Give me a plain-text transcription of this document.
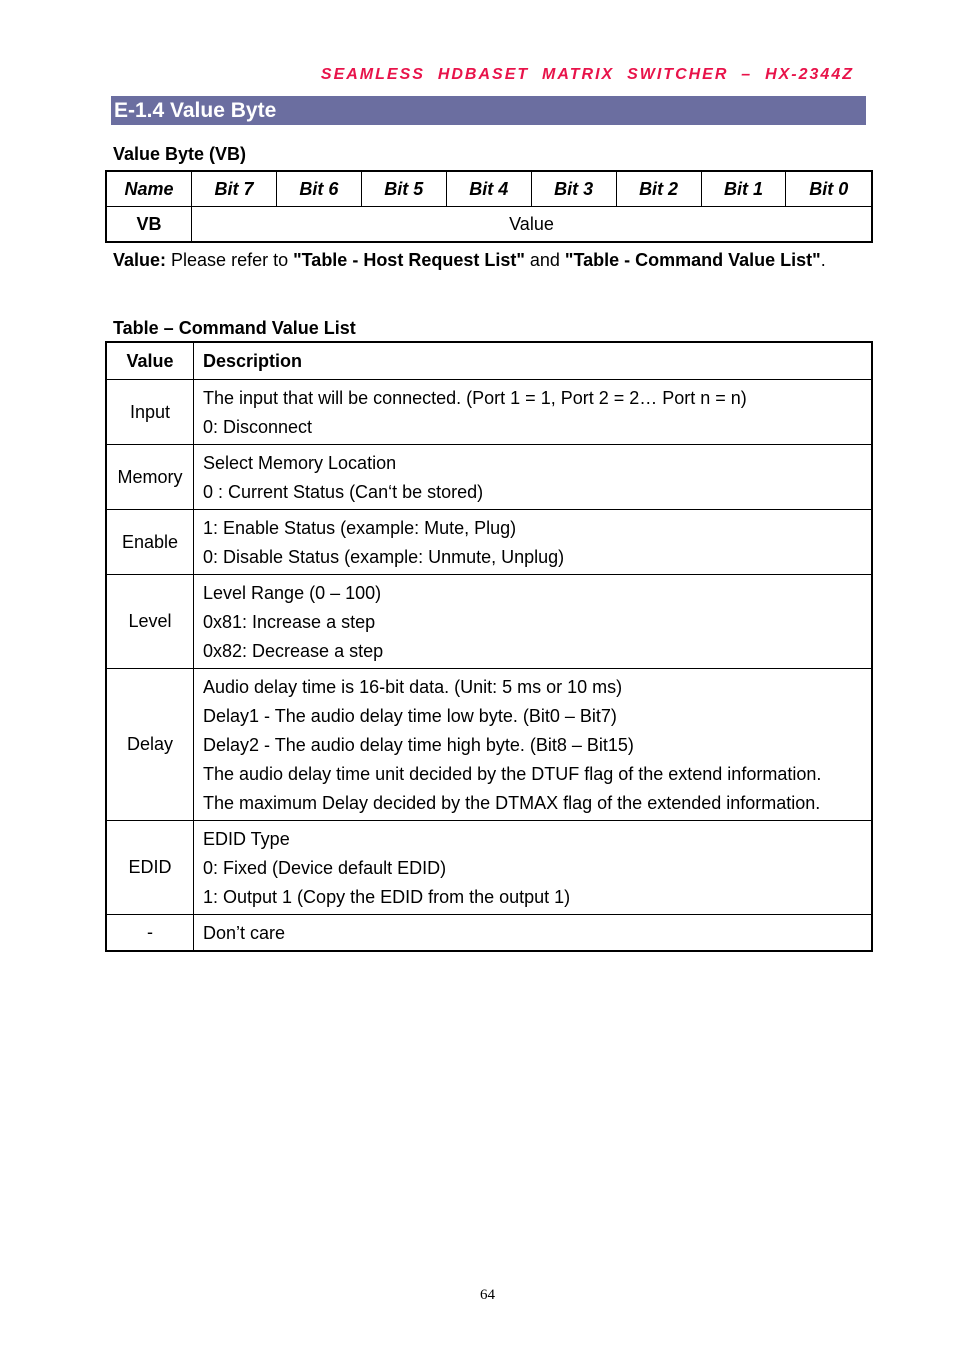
SEAMLESS  HDBASET  MATRIX  SWITCHER  –  HX-2344Z
E-1.4 Value Byte
Value Byte (VB)
Name	Bit 7	Bit 6	Bit 5	Bit 4	Bit 3	Bit 2	Bit 1	Bit 0
VB	Value							
Value: Please refer to "Table - Host Request List" and "Table - Command Value List".
Table – Command Value List
Value	Description
Input	The input that will be connected. (Port 1 = 1, Port 2 = 2… Port n = n)
0: Disconnect

Memory	Select Memory Location
0 : Current Status (Can‘t be stored)

Enable	1: Enable Status (example: Mute, Plug)
0: Disable Status (example: Unmute, Unplug)

Level	Level Range (0 – 100)
0x81: Increase a step
0x82: Decrease a step

Delay	Audio delay time is 16-bit data. (Unit: 5 ms or 10 ms)
Delay1 - The audio delay time low byte. (Bit0 – Bit7)
Delay2 - The audio delay time high byte. (Bit8 – Bit15)
The audio delay time unit decided by the DTUF flag of the extend information.
The maximum Delay decided by the DTMAX flag of the extended information.

EDID	EDID Type
0: Fixed (Device default EDID)
1: Output 1 (Copy the EDID from the output 1)

-	Don’t care
64
